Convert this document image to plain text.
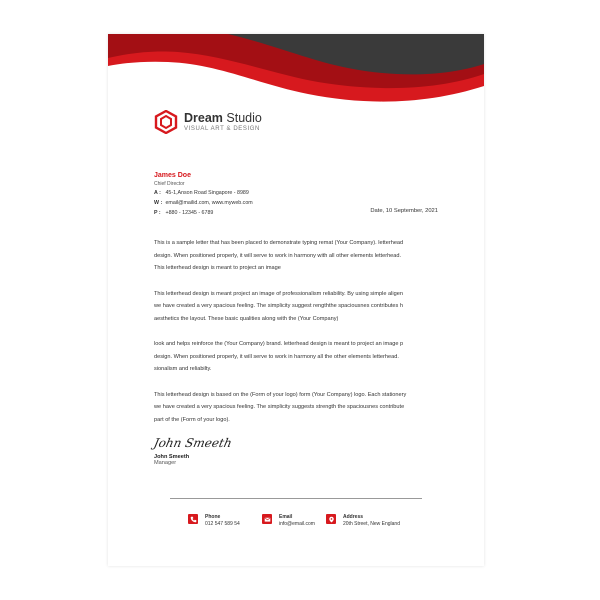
Dream Studio
VISUAL ART & DESIGN
James Doe
Chief Director
A : 45-1,Anson Road Singapore - 8989
W : email@mailid.com, www.myweb.com
P : +880 - 12345 - 6789	Date, 10 September, 2021

This is a sample letter that has been placed to demonstrate typing remat (Your Company). letterhead
design. When positioned properly, it will serve to work in harmony with all other elements letterhead.
This letterhead design is meant to project an image

This letterhead design is meant project an image of professionalism reliability. By using simple aligen
we have created a very spacious feeling. The simplicity suggest rengththe spaciousnes contributes h
aesthetics the layout. These basic qualities along with the (Your Company)

look and helps reinforce the (Your Company) brand. letterhead design is meant to project an image p
design. When positioned properly, it will serve to work in harmony all the other elements letterhead.
sionalism and reliabilty.

This letterhead design is based on the (Form of your logo) form (Your Company) logo. Each stationery
we have created a very spacious feeling. The simplicity suggests strength the spaciousnes contribute
part of the (Form of your logo).

John Smeeth
John Smeeth
Manager
Phone
012 547 589 54
Email
info@email.com
Address
20th Street, New England
